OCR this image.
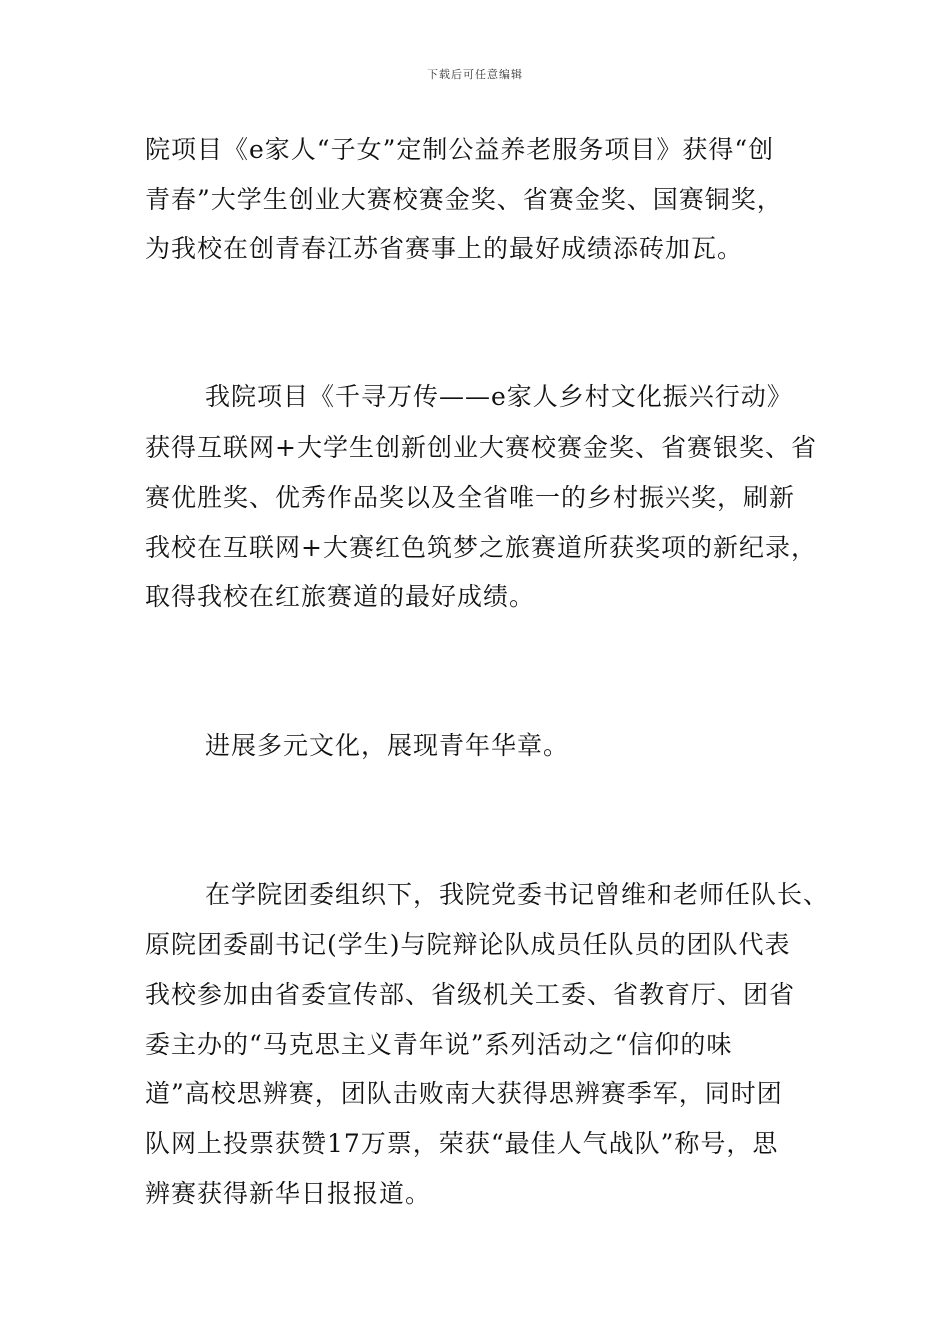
下载后可任意编辑
院项目《e家人“子女”定制公益养老服务项目》获得“创
青春”大学生创业大赛校赛金奖、省赛金奖、国赛铜奖，
为我校在创青春江苏省赛事上的最好成绩添砖加瓦。
我院项目《千寻万传——e家人乡村文化振兴行动》
获得互联网+大学生创新创业大赛校赛金奖、省赛银奖、省
赛优胜奖、优秀作品奖以及全省唯一的乡村振兴奖，刷新
我校在互联网+大赛红色筑梦之旅赛道所获奖项的新纪录，
取得我校在红旅赛道的最好成绩。
进展多元文化，展现青年华章。
在学院团委组织下，我院党委书记曾维和老师任队长、
原院团委副书记(学生)与院辩论队成员任队员的团队代表
我校参加由省委宣传部、省级机关工委、省教育厅、团省
委主办的“马克思主义青年说”系列活动之“信仰的味
道”高校思辨赛，团队击败南大获得思辨赛季军，同时团
队网上投票获赞17万票，荣获“最佳人气战队”称号，思
辨赛获得新华日报报道。
